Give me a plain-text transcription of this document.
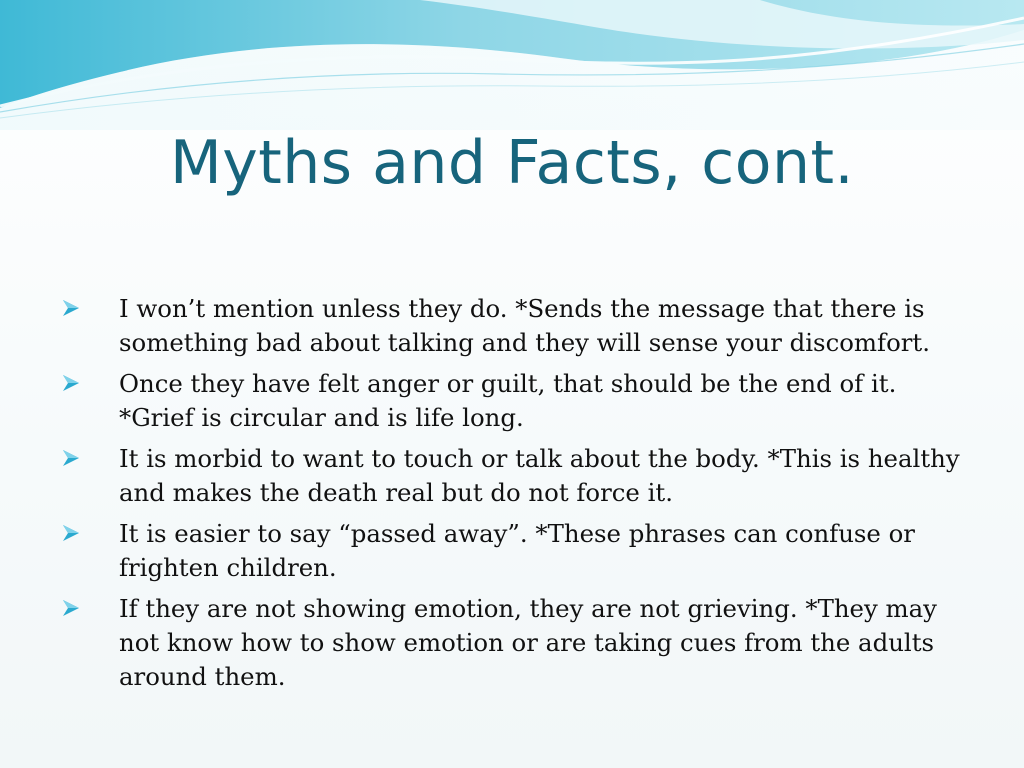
Myths and Facts, cont.
I won’t mention unless they do. *Sends the message that there is something bad about talking and they will sense your discomfort.
Once they have felt anger or guilt, that should be the end of it. *Grief is circular and is life long.
It is morbid to want to touch or talk about the body. *This is healthy and makes the death real but do not force it.
It is easier to say “passed away”. *These phrases can confuse or frighten children.
If they are not showing emotion, they are not grieving. *They may not know how to show emotion or are taking cues from the adults around them.
